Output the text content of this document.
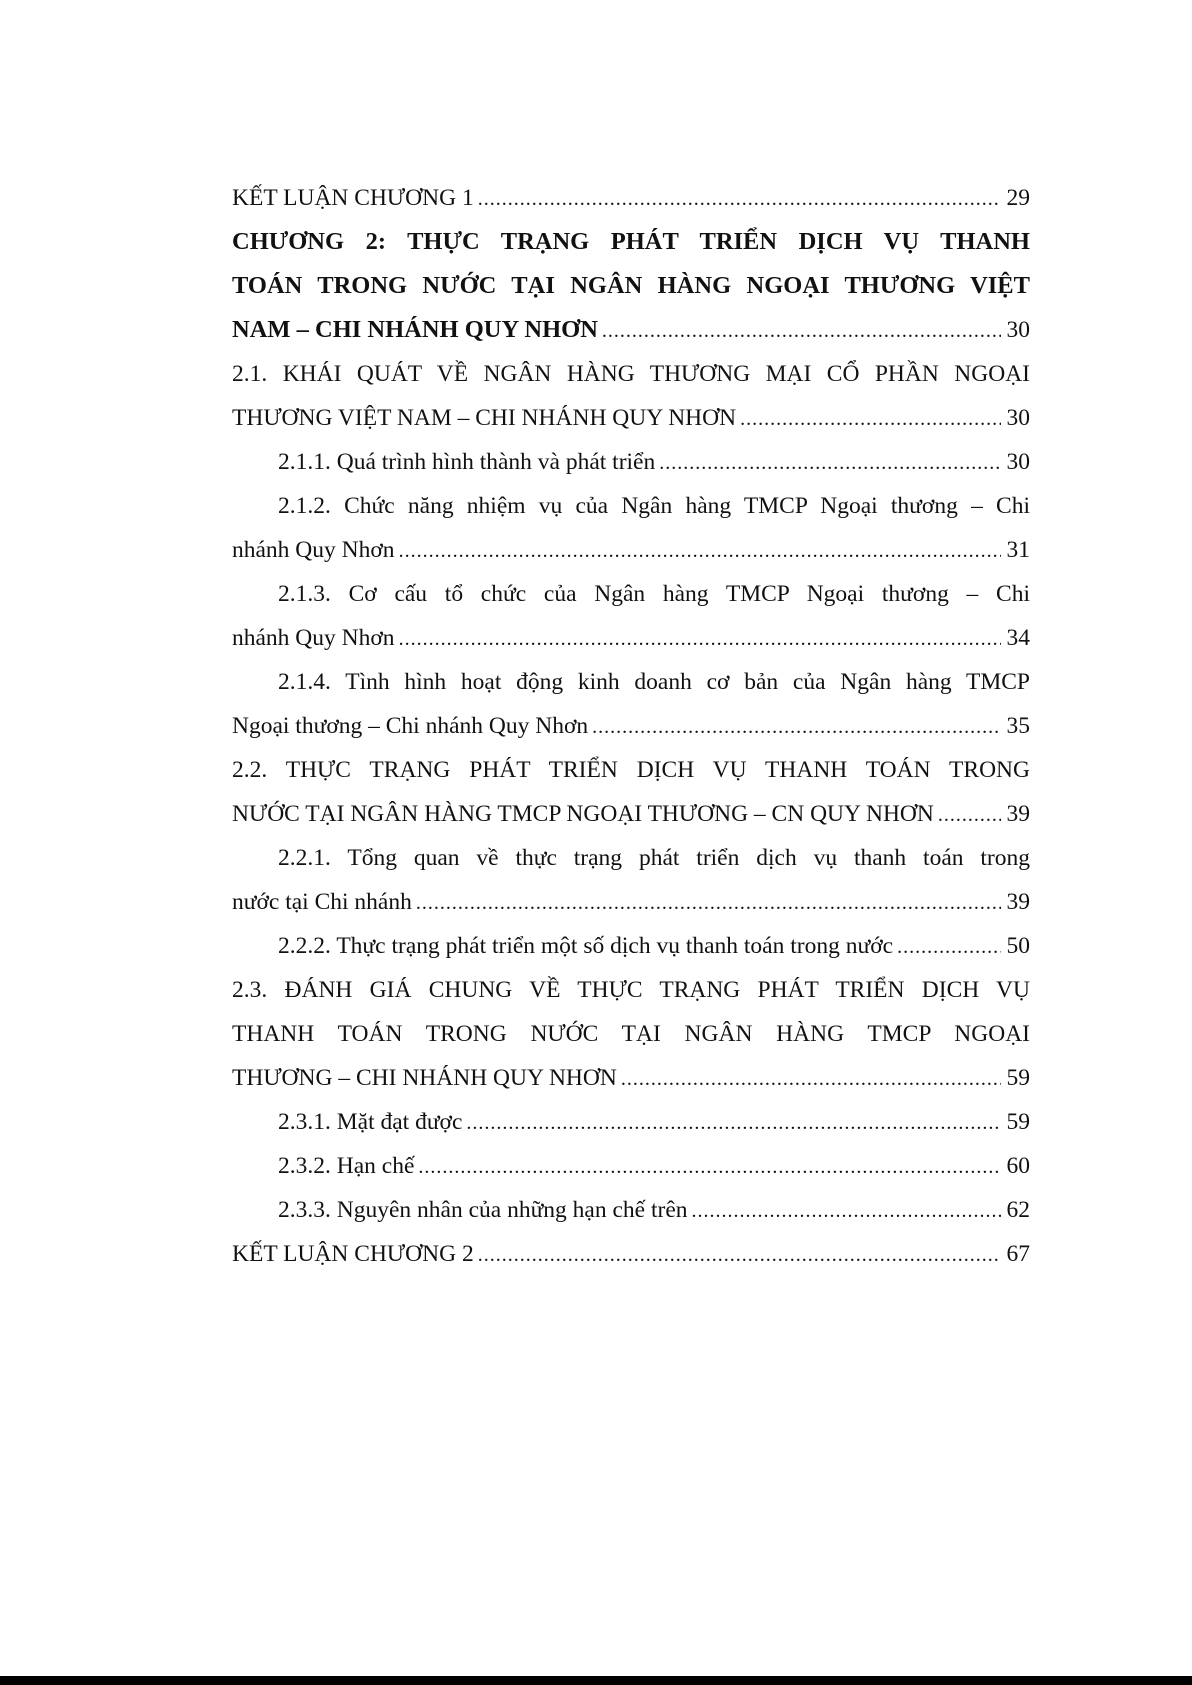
KẾT LUẬN CHƯƠNG 1 .....	29
CHƯƠNG 2: THỰC TRẠNG PHÁT TRIỂN DỊCH VỤ THANH
TOÁN TRONG NƯỚC TẠI NGÂN HÀNG NGOẠI THƯƠNG VIỆT
NAM – CHI NHÁNH QUY NHƠN .....	30
2.1. KHÁI QUÁT VỀ NGÂN HÀNG THƯƠNG MẠI CỔ PHẦN NGOẠI
THƯƠNG VIỆT NAM – CHI NHÁNH QUY NHƠN .....	30
2.1.1. Quá trình hình thành và phát triển .....	30
2.1.2. Chức năng nhiệm vụ của Ngân hàng TMCP Ngoại thương – Chi
nhánh Quy Nhơn .....	31
2.1.3. Cơ cấu tổ chức của Ngân hàng TMCP Ngoại thương – Chi
nhánh Quy Nhơn .....	34
2.1.4. Tình hình hoạt động kinh doanh cơ bản của Ngân hàng TMCP
Ngoại thương – Chi nhánh Quy Nhơn .....	35
2.2. THỰC TRẠNG PHÁT TRIỂN DỊCH VỤ THANH TOÁN TRONG
NƯỚC TẠI NGÂN HÀNG TMCP NGOẠI THƯƠNG – CN QUY NHƠN .....	39
2.2.1. Tổng quan về thực trạng phát triển dịch vụ thanh toán trong
nước tại Chi nhánh .....	39
2.2.2. Thực trạng phát triển một số dịch vụ thanh toán trong nước .....	50
2.3. ĐÁNH GIÁ CHUNG VỀ THỰC TRẠNG PHÁT TRIỂN DỊCH VỤ
THANH TOÁN TRONG NƯỚC TẠI NGÂN HÀNG TMCP NGOẠI
THƯƠNG – CHI NHÁNH QUY NHƠN .....	59
2.3.1. Mặt đạt được .....	59
2.3.2. Hạn chế .....	60
2.3.3. Nguyên nhân của những hạn chế trên .....	62
KẾT LUẬN CHƯƠNG 2 .....	67
